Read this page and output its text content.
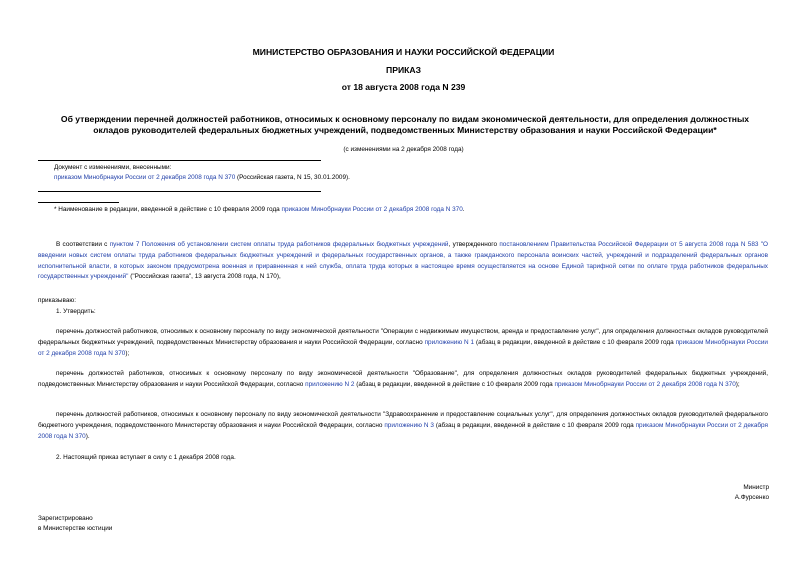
МИНИСТЕРСТВО ОБРАЗОВАНИЯ И НАУКИ РОССИЙСКОЙ ФЕДЕРАЦИИ
ПРИКАЗ
от 18 августа 2008 года N 239
Об утверждении перечней должностей работников, относимых к основному персоналу по видам экономической деятельности, для определения должностных окладов руководителей федеральных бюджетных учреждений, подведомственных Министерству образования и науки Российской Федерации*
(с изменениями на 2 декабря 2008 года)
Документ с изменениями, внесенными:
приказом Минобрнауки России от 2 декабря 2008 года N 370 (Российская газета, N 15, 30.01.2009).
* Наименование в редакции, введенной в действие с 10 февраля 2009 года приказом Минобрнауки России от 2 декабря 2008 года N 370.
В соответствии с пунктом 7 Положения об установлении систем оплаты труда работников федеральных бюджетных учреждений, утвержденного постановлением Правительства Российской Федерации от 5 августа 2008 года N 583 "О введении новых систем оплаты труда работников федеральных бюджетных учреждений и федеральных государственных органов, а также гражданского персонала воинских частей, учреждений и подразделений федеральных органов исполнительной власти, в которых законом предусмотрена военная и приравненная к ней служба, оплата труда которых в настоящее время осуществляется на основе Единой тарифной сетки по оплате труда работников федеральных государственных учреждений" ("Российская газета", 13 августа 2008 года, N 170),
приказываю:
1. Утвердить:
перечень должностей работников, относимых к основному персоналу по виду экономической деятельности "Операции с недвижимым имуществом, аренда и предоставление услуг", для определения должностных окладов руководителей федеральных бюджетных учреждений, подведомственных Министерству образования и науки Российской Федерации, согласно приложению N 1 (абзац в редакции, введенной в действие с 10 февраля 2009 года приказом Минобрнауки России от 2 декабря 2008 года N 370);
перечень должностей работников, относимых к основному персоналу по виду экономической деятельности "Образование", для определения должностных окладов руководителей федеральных бюджетных учреждений, подведомственных Министерству образования и науки Российской Федерации, согласно приложению N 2 (абзац в редакции, введенной в действие с 10 февраля 2009 года приказом Минобрнауки России от 2 декабря 2008 года N 370);
перечень должностей работников, относимых к основному персоналу по виду экономической деятельности "Здравоохранение и предоставление социальных услуг", для определения должностных окладов руководителей федерального бюджетного учреждения, подведомственного Министерству образования и науки Российской Федерации, согласно приложению N 3 (абзац в редакции, введенной в действие с 10 февраля 2009 года приказом Минобрнауки России от 2 декабря 2008 года N 370).
2. Настоящий приказ вступает в силу с 1 декабря 2008 года.
Министр
А.Фурсенко
Зарегистрировано
в Министерстве юстиции
